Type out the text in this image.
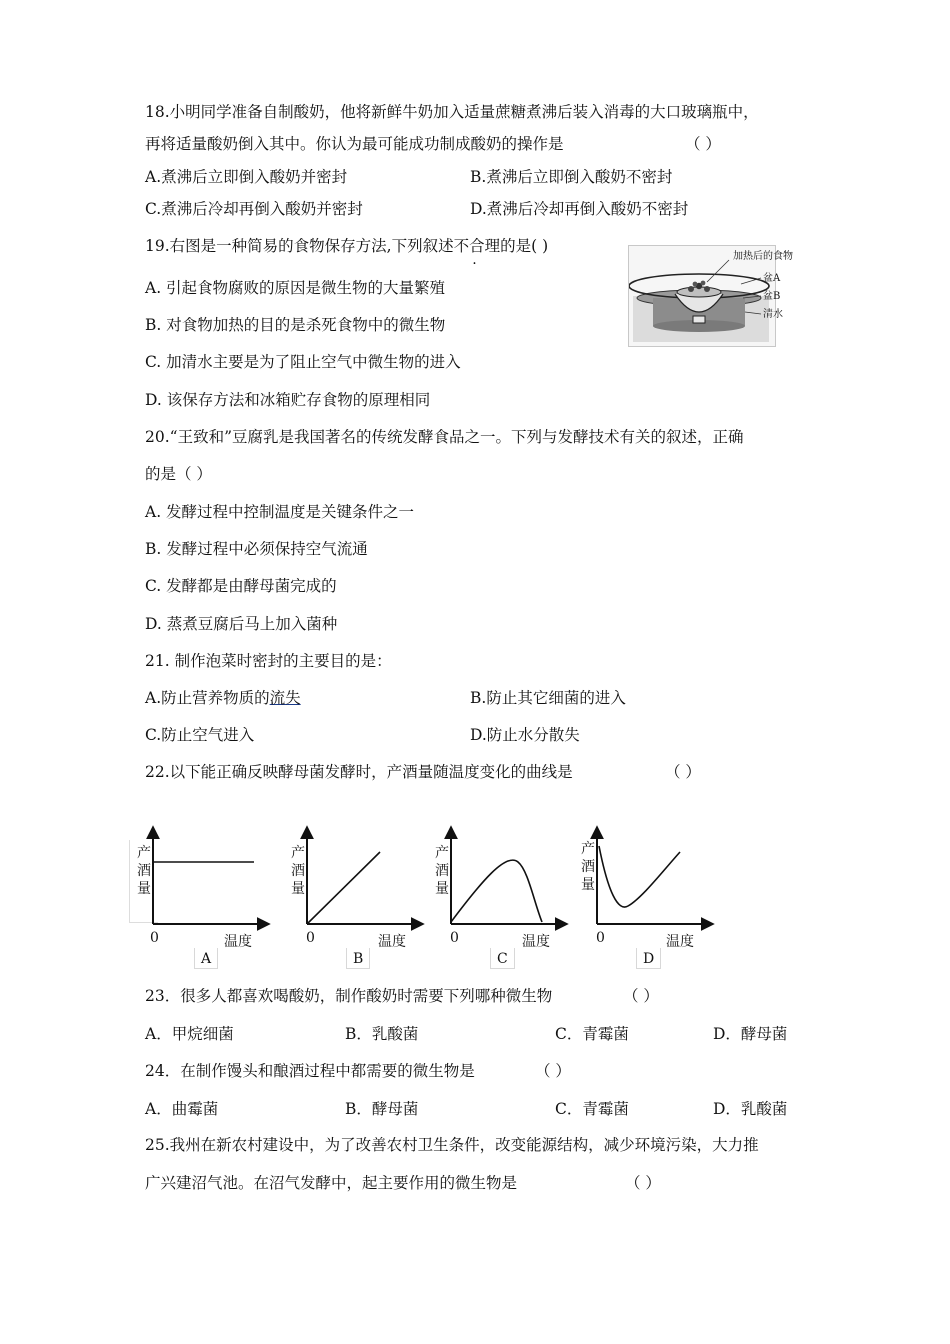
18.小明同学准备自制酸奶，他将新鲜牛奶加入适量蔗糖煮沸后装入消毒的大口玻璃瓶中，
再将适量酸奶倒入其中。你认为最可能成功制成酸奶的操作是	（ ）
A.煮沸后立即倒入酸奶并密封	B.煮沸后立即倒入酸奶不密封
C.煮沸后冷却再倒入酸奶并密封	D.煮沸后冷却再倒入酸奶不密封
19.右图是一种简易的食物保存方法,下列叙述不合理的是( )
A. 引起食物腐败的原因是微生物的大量繁殖
B. 对食物加热的目的是杀死食物中的微生物
C. 加清水主要是为了阻止空气中微生物的进入
D. 该保存方法和冰箱贮存食物的原理相同
加热后的食物
盆A
盆B
清水
20.“王致和”豆腐乳是我国著名的传统发酵食品之一。下列与发酵技术有关的叙述，正确
的是（ ）
A. 发酵过程中控制温度是关键条件之一
B. 发酵过程中必须保持空气流通
C. 发酵都是由酵母菌完成的
D. 蒸煮豆腐后马上加入菌种
21. 制作泡菜时密封的主要目的是：
A.防止营养物质的流失	B.防止其它细菌的进入
C.防止空气进入	D.防止水分散失
22.以下能正确反映酵母菌发酵时，产酒量随温度变化的曲线是	（ ）
产
酒
量
0	温度
A
产
酒
量
0	温度
B
产
酒
量
0	温度
C
产
酒
量
0	温度
D
23．很多人都喜欢喝酸奶，制作酸奶时需要下列哪种微生物	（ ）
A．甲烷细菌	B．乳酸菌	C．青霉菌	D．酵母菌
24．在制作馒头和酿酒过程中都需要的微生物是	（ ）
A．曲霉菌	B．酵母菌	C．青霉菌	D．乳酸菌
25.我州在新农村建设中，为了改善农村卫生条件，改变能源结构，减少环境污染，大力推
广兴建沼气池。在沼气发酵中，起主要作用的微生物是	（ ）
